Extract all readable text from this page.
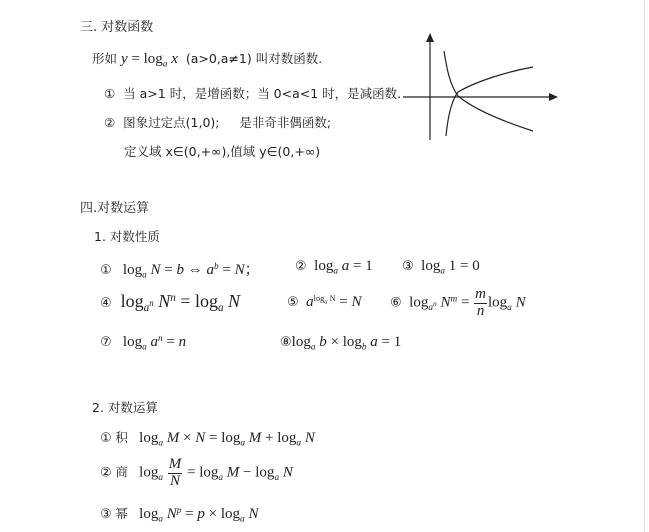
三. 对数函数
形如 $y = \log_a x$ (a>0,a≠1) 叫对数函数.
① 当 a>1 时，是增函数；当 0<a<1 时，是减函数.
② 图象过定点(1,0);     是非奇非偶函数;
定义域 x∈(0,+∞),值域 y∈(0,+∞)
四.对数运算
1. 对数性质
①   $\log_a N = b$ ⇔ $a^b = N$；	②  $\log_a a = 1$ ③  $\log_a 1 = 0$
④  $\log_{a^n} N^n = \log_a N$	⑤ $a^{log_a N} = N$ ⑥  $\log_{a^n} N^m = \frac{m}{n} \log_a N$
⑦   $\log_a a^n = n$	$⑧\log_a$ $b \times \log_b a = 1$
2. 对数运算
① 积   $\log_a M \times N = \log_a M + \log_a N$
② 商   $\log_a \frac{M}{N} = \log_a M - \log_a N$
③ 幂   $\log_a N^p = p \times \log_a N$
